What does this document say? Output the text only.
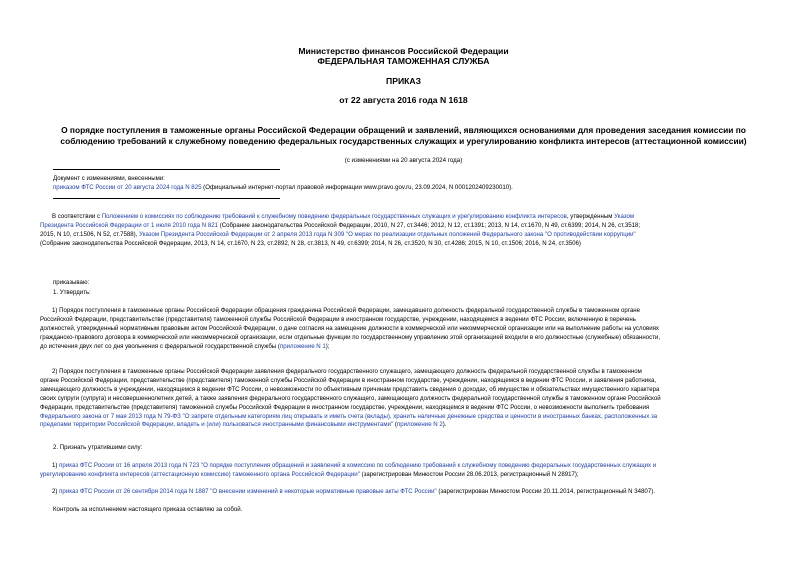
Министерство финансов Российской Федерации
ФЕДЕРАЛЬНАЯ ТАМОЖЕННАЯ СЛУЖБА
ПРИКАЗ
от 22 августа 2016 года N 1618
О порядке поступления в таможенные органы Российской Федерации обращений и заявлений, являющихся основаниями для проведения заседания комиссии по
соблюдению требований к служебному поведению федеральных государственных служащих и урегулированию конфликта интересов (аттестационной комиссии)
(с изменениями на 20 августа 2024 года)
Документ с изменениями, внесенными:
приказом ФТС России от 20 августа 2024 года N 825 (Официальный интернет-портал правовой информации www.pravo.gov.ru, 23.09.2024, N 0001202409230010).
В соответствии с Положением о комиссиях по соблюдению требований к служебному поведению федеральных государственных служащих и урегулированию конфликта интересов, утвержденным Указом
Президента Российской Федерации от 1 июля 2010 года N 821 (Собрание законодательства Российской Федерации, 2010, N 27, ст.3446; 2012, N 12, ст.1391; 2013, N 14, ст.1670, N 49, ст.6399; 2014, N 26, ст.3518;
2015, N 10, ст.1506, N 52, ст.7588), Указом Президента Российской Федерации от 2 апреля 2013 года N 309 "О мерах по реализации отдельных положений Федерального закона "О противодействии коррупции"
(Собрание законодательства Российской Федерации, 2013, N 14, ст.1670, N 23, ст.2892, N 28, ст.3813, N 49, ст.6399; 2014, N 26, ст.3520, N 30, ст.4286; 2015, N 10, ст.1506; 2016, N 24, ст.3506)
приказываю:
1. Утвердить:
1) Порядок поступления в таможенные органы Российской Федерации обращения гражданина Российской Федерации, замещавшего должность федеральной государственной службы в таможенном органе
Российской Федерации, представительстве (представителя) таможенной службы Российской Федерации в иностранном государстве, учреждении, находящемся в ведении ФТС России, включенную в перечень
должностей, утвержденный нормативным правовым актом Российской Федерации, о даче согласия на замещение должности в коммерческой или некоммерческой организации или на выполнение работы на условиях
гражданско-правового договора в коммерческой или некоммерческой организации, если отдельные функции по государственному управлению этой организацией входили в его должностные (служебные) обязанности,
до истечения двух лет со дня увольнения с федеральной государственной службы (приложение N 1);
2) Порядок поступления в таможенные органы Российской Федерации заявления федерального государственного служащего, замещающего должность федеральной государственной службы в таможенном
органе Российской Федерации, представительстве (представителя) таможенной службы Российской Федерации в иностранном государстве, учреждении, находящемся в ведении ФТС России, и заявления работника,
замещающего должность в учреждении, находящемся в ведении ФТС России, о невозможности по объективным причинам представить сведения о доходах, об имуществе и обязательствах имущественного характера
своих супруги (супруга) и несовершеннолетних детей, а также заявления федерального государственного служащего, замещающего должность федеральной государственной службы в таможенном органе Российской
Федерации, представительстве (представителя) таможенной службы Российской Федерации в иностранном государстве, учреждении, находящемся в ведении ФТС России, о невозможности выполнить требования
Федерального закона от 7 мая 2013 года N 79-ФЗ "О запрете отдельным категориям лиц открывать и иметь счета (вклады), хранить наличные денежные средства и ценности в иностранных банках, расположенных за
пределами территории Российской Федерации, владеть и (или) пользоваться иностранными финансовыми инструментами" (приложение N 2).
2. Признать утратившими силу:
1) приказ ФТС России от 16 апреля 2013 года N 723 "О порядке поступления обращений и заявлений в комиссию по соблюдению требований к служебному поведению федеральных государственных служащих и
урегулированию конфликта интересов (аттестационную комиссию) таможенного органа Российской Федерации" (зарегистрирован Минюстом России 28.06.2013, регистрационный N 28917);
2) приказ ФТС России от 26 сентября 2014 года N 1887 "О внесении изменений в некоторые нормативные правовые акты ФТС России" (зарегистрирован Минюстом России 20.11.2014, регистрационный N 34807).
Контроль за исполнением настоящего приказа оставляю за собой.
